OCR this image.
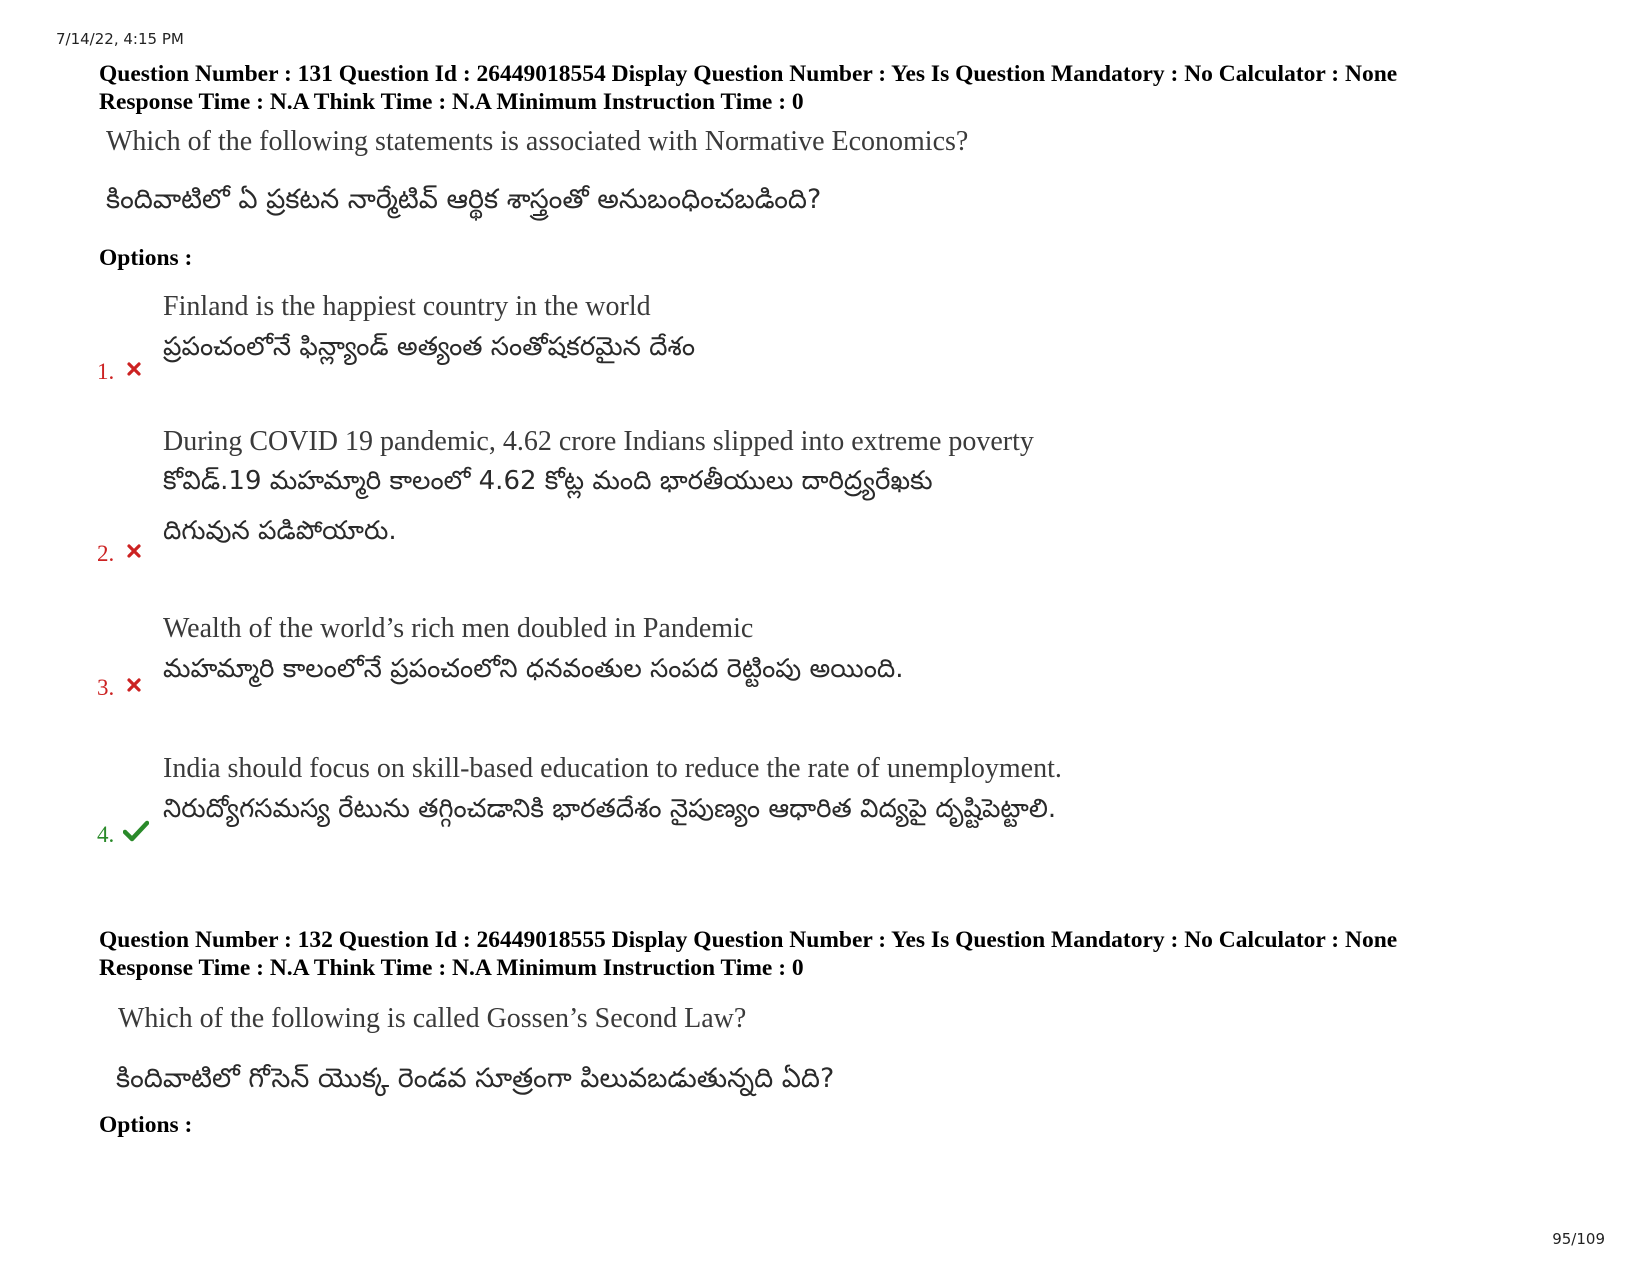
7/14/22, 4:15 PM
Question Number : 131 Question Id : 26449018554 Display Question Number : Yes Is Question Mandatory : No Calculator : None
Response Time : N.A Think Time : N.A Minimum Instruction Time : 0
Which of the following statements is associated with Normative Economics?
కిందివాటిలో ఏ ప్రకటన నార్మేటివ్ ఆర్థిక శాస్త్రంతో అనుబంధించబడింది?
Options :
Finland is the happiest country in the world
ప్రపంచంలోనే ఫిన్ల్యాండ్ అత్యంత సంతోషకరమైన దేశం
1.
During COVID 19 pandemic, 4.62 crore Indians slipped into extreme poverty
కోవిడ్.19 మహమ్మారి కాలంలో 4.62 కోట్ల మంది భారతీయులు దారిద్ర్యరేఖకు
దిగువున పడిపోయారు.
2.
Wealth of the world’s rich men doubled in Pandemic
మహమ్మారి కాలంలోనే ప్రపంచంలోని ధనవంతుల సంపద రెట్టింపు అయింది.
3.
India should focus on skill-based education to reduce the rate of unemployment.
నిరుద్యోగసమస్య రేటును తగ్గించడానికి భారతదేశం నైపుణ్యం ఆధారిత విద్యపై దృష్టిపెట్టాలి.
4.
Question Number : 132 Question Id : 26449018555 Display Question Number : Yes Is Question Mandatory : No Calculator : None
Response Time : N.A Think Time : N.A Minimum Instruction Time : 0
Which of the following is called Gossen’s Second Law?
కిందివాటిలో గోసెన్ యొక్క రెండవ సూత్రంగా పిలువబడుతున్నది ఏది?
Options :
95/109
